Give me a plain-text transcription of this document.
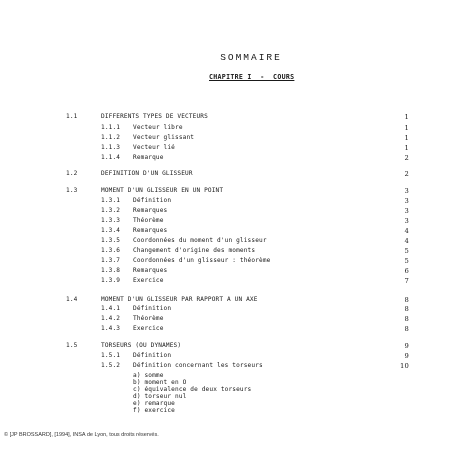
SOMMAIRE
CHAPITRE I  -  COURS
1.1	DIFFERENTS TYPES DE VECTEURS	1
1.1.1 Vecteur libre	1
1.1.2 Vecteur glissant	1
1.1.3 Vecteur lié	1
1.1.4 Remarque	2
1.2	DEFINITION D'UN GLISSEUR	2
1.3	MOMENT D'UN GLISSEUR EN UN POINT	3
1.3.1 Définition	3
1.3.2 Remarques	3
1.3.3 Théorème	3
1.3.4 Remarques	4
1.3.5 Coordonnées du moment d'un glisseur	4
1.3.6 Changement d'origine des moments	5
1.3.7 Coordonnées d'un glisseur : théorème	5
1.3.8 Remarques	6
1.3.9 Exercice	7
1.4	MOMENT D'UN GLISSEUR PAR RAPPORT A UN AXE	8
1.4.1 Définition	8
1.4.2 Théorème	8
1.4.3 Exercice	8
1.5	TORSEURS (OU DYNAMES)	9
1.5.1 Définition	9
1.5.2 Définition concernant les torseurs	10
a) somme
b) moment en O
c) équivalence de deux torseurs
d) torseur nul
e) remarque
f) exercice
© [JP BROSSARD], [1994], INSA de Lyon, tous droits réservés.
